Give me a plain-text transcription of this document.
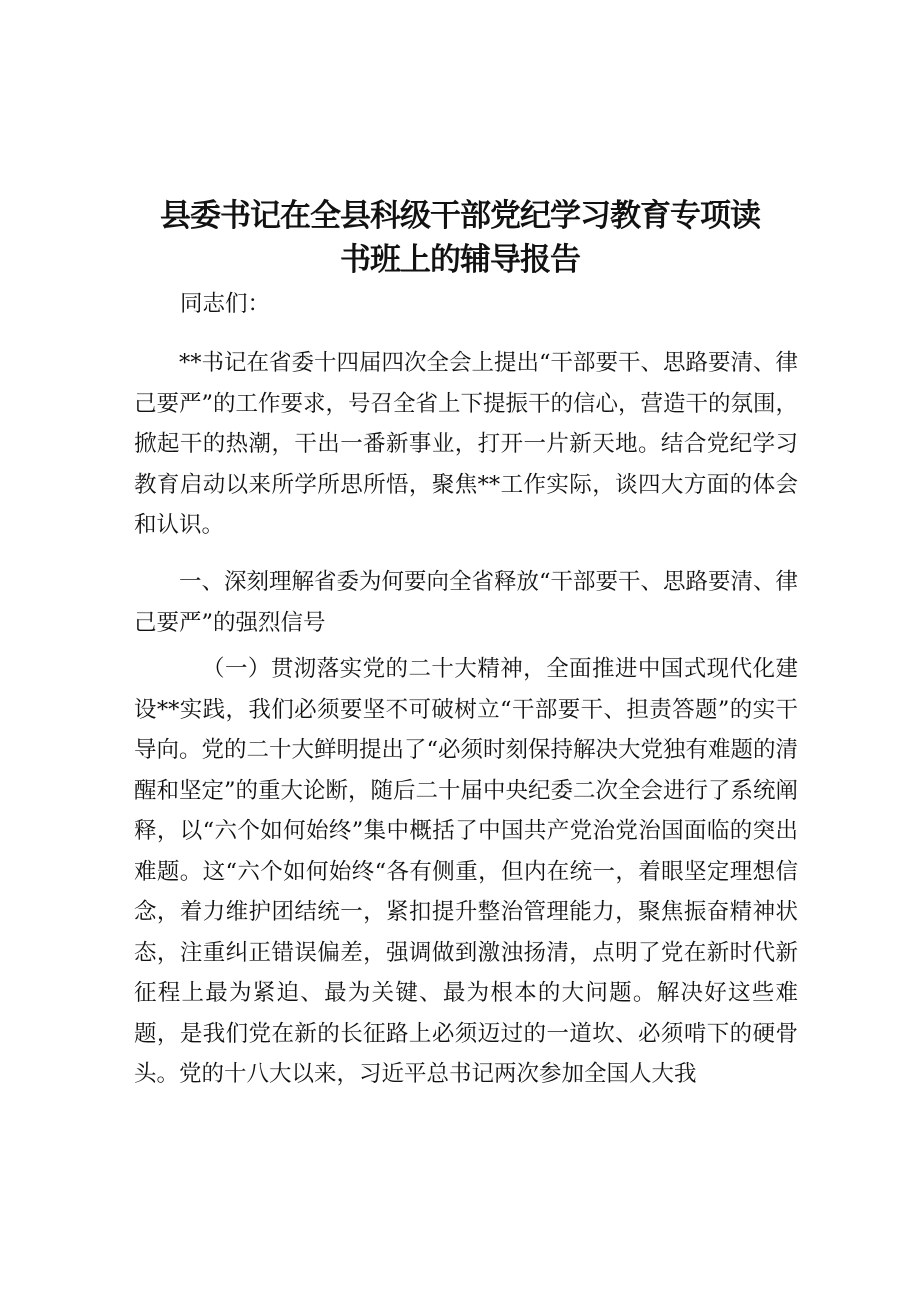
县委书记在全县科级干部党纪学习教育专项读
书班上的辅导报告

同志们：

**书记在省委十四届四次全会上提出“干部要干、思路要清、律己要严”的工作要求，号召全省上下提振干的信心，营造干的氛围，掀起干的热潮，干出一番新事业，打开一片新天地。结合党纪学习教育启动以来所学所思所悟，聚焦**工作实际，谈四大方面的体会和认识。

一、深刻理解省委为何要向全省释放“干部要干、思路要清、律己要严”的强烈信号

（一）贯沏落实党的二十大精神，全面推进中国式现代化建设**实践，我们必须要坚不可破树立“干部要干、担责答题”的实干导向。党的二十大鲜明提出了“必须时刻保持解决大党独有难题的清醒和坚定”的重大论断，随后二十届中央纪委二次全会进行了系统阐释，以“六个如何始终”集中概括了中国共产党治党治国面临的突出难题。这“六个如何始终“各有侧重，但内在统一，着眼坚定理想信念，着力维护团结统一，紧扣提升整治管理能力，聚焦振奋精神状态，注重纠正错误偏差，强调做到激浊扬清，点明了党在新时代新征程上最为紧迫、最为关键、最为根本的大问题。解决好这些难题，是我们党在新的长征路上必须迈过的一道坎、必须啃下的硬骨头。党的十八大以来，习近平总书记两次参加全国人大我
